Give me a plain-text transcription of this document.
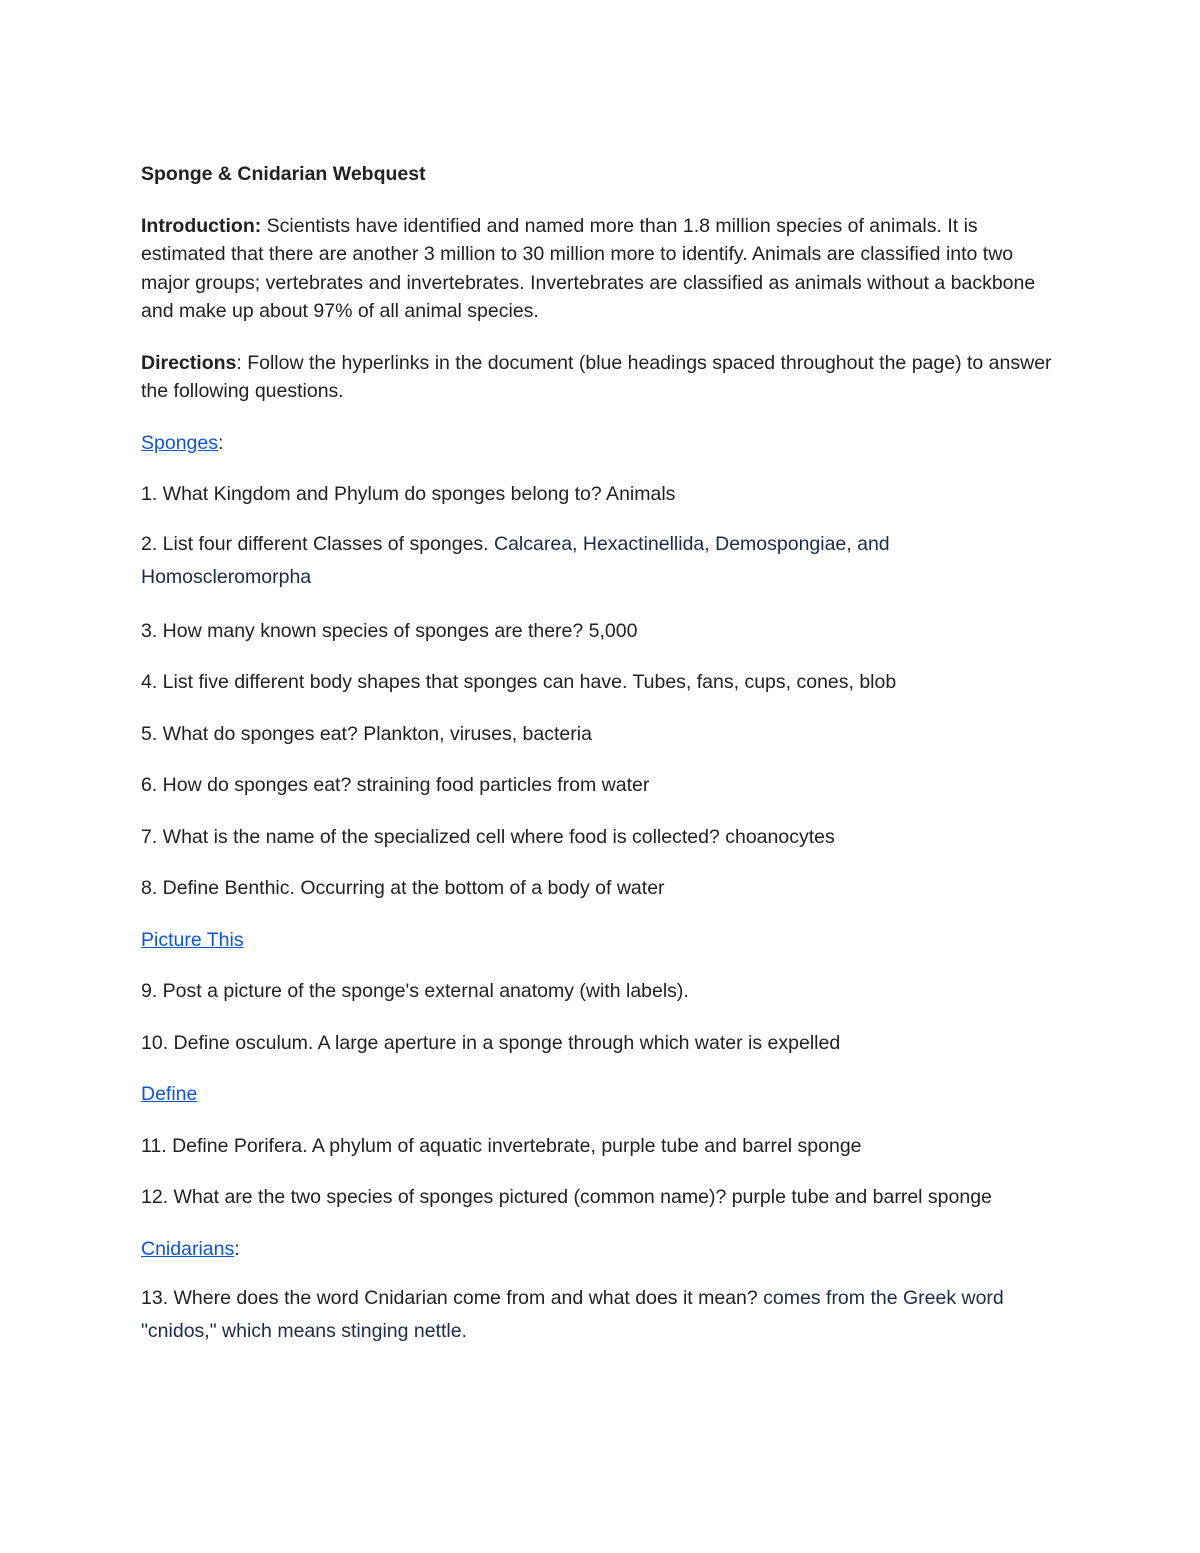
Sponge & Cnidarian Webquest

Introduction: Scientists have identified and named more than 1.8 million species of animals. It is estimated that there are another 3 million to 30 million more to identify. Animals are classified into two major groups; vertebrates and invertebrates. Invertebrates are classified as animals without a backbone and make up about 97% of all animal species.

Directions: Follow the hyperlinks in the document (blue headings spaced throughout the page) to answer the following questions.

Sponges:

1. What Kingdom and Phylum do sponges belong to? Animals

2. List four different Classes of sponges. Calcarea, Hexactinellida, Demospongiae, and Homoscleromorpha

3. How many known species of sponges are there? 5,000

4. List five different body shapes that sponges can have. Tubes, fans, cups, cones, blob

5. What do sponges eat? Plankton, viruses, bacteria

6. How do sponges eat? straining food particles from water

7. What is the name of the specialized cell where food is collected? choanocytes

8. Define Benthic. Occurring at the bottom of a body of water

Picture This

9. Post a picture of the sponge's external anatomy (with labels).

10. Define osculum. A large aperture in a sponge through which water is expelled

Define

11. Define Porifera. A phylum of aquatic invertebrate, purple tube and barrel sponge

12. What are the two species of sponges pictured (common name)? purple tube and barrel sponge

Cnidarians:

13. Where does the word Cnidarian come from and what does it mean? comes from the Greek word "cnidos," which means stinging nettle.
